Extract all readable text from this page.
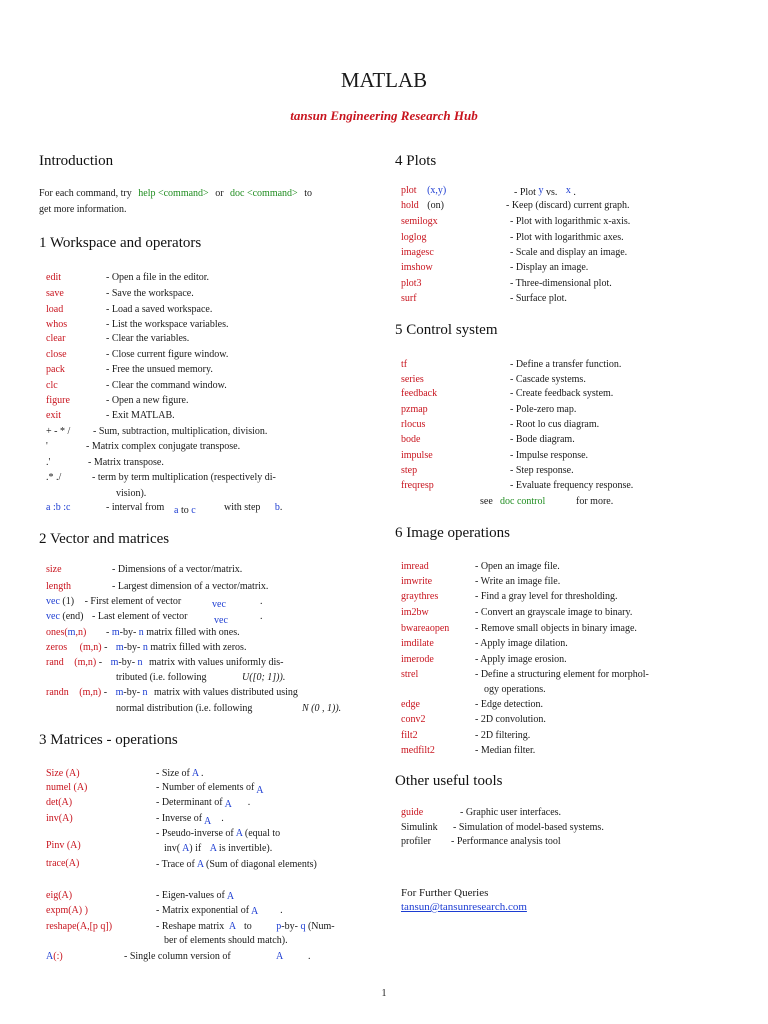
MATLAB
tansun Engineering Research Hub
Introduction
For each command, try help <command> or doc <command> to
get more information.
1 Workspace and operators
edit	- Open a file in the editor.
save	- Save the workspace.
load	- Load a saved workspace.
whos	- List the workspace variables.
clear	- Clear the variables.
close	- Close current figure window.
pack	- Free the unsued memory.
clc	- Clear the command window.
figure	- Open a new figure.
exit	- Exit MATLAB.
+ - * / - Sum, subtraction, multiplication, division.
'	- Matrix complex conjugate transpose.
.'	- Matrix transpose.
.* ./	- term by term multiplication (respectively di-
vision).
a :b :c	- interval from a to c	with step b.
2 Vector and matrices
size	- Dimensions of a vector/matrix.
length	- Largest dimension of a vector/matrix.
vec (1) - First element of vector	vec	.
vec (end) - Last element of vector	vec	.
ones(m,n) - m-by- n matrix filled with ones.
zeros (m,n) - m-by- n matrix filled with zeros.
rand (m,n) - m-by- n matrix with values uniformly dis-
tributed (i.e. following	U([0; 1])).
randn (m,n) - m-by- n matrix with values distributed using
normal distribution (i.e. following	N (0 , 1)).
3 Matrices - operations
Size (A)	- Size of A .
numel (A)	- Number of elements of A
det(A)	- Determinant of A .
inv(A)	- Inverse of A .
- Pseudo-inverse of A (equal to
Pinv (A)	inv( A) if A is invertible).
trace(A)	- Trace of A (Sum of diagonal elements)
eig(A)	- Eigen-values of A
expm(A) )	- Matrix exponential of A .
reshape(A,[p q])	- Reshape matrix A to p-by- q (Num-
ber of elements should match).
A(:)	- Single column version of	A .
4 Plots
plot (x,y)	- Plot y vs. x .
hold (on)	- Keep (discard) current graph.
semilogx	- Plot with logarithmic x-axis.
loglog	- Plot with logarithmic axes.
imagesc	- Scale and display an image.
imshow	- Display an image.
plot3	- Three-dimensional plot.
surf	- Surface plot.
5 Control system
tf	- Define a transfer function.
series	- Cascade systems.
feedback	- Create feedback system.
pzmap	- Pole-zero map.
rlocus	- Root lo cus diagram.
bode	- Bode diagram.
impulse	- Impulse response.
step	- Step response.
freqresp	- Evaluate frequency response.
see doc control	for more.
6 Image operations
imread	- Open an image file.
imwrite	- Write an image file.
graythres	- Find a gray level for thresholding.
im2bw	- Convert an grayscale image to binary.
bwareaopen	- Remove small objects in binary image.
imdilate	- Apply image dilation.
imerode	- Apply image erosion.
strel	- Define a structuring element for morphol-
ogy operations.
edge	- Edge detection.
conv2	- 2D convolution.
filt2	- 2D filtering.
medfilt2	- Median filter.
Other useful tools
guide	- Graphic user interfaces.
Simulink - Simulation of model-based systems.
profiler - Performance analysis tool
For Further Queries
tansun@tansunresearch.com
1
